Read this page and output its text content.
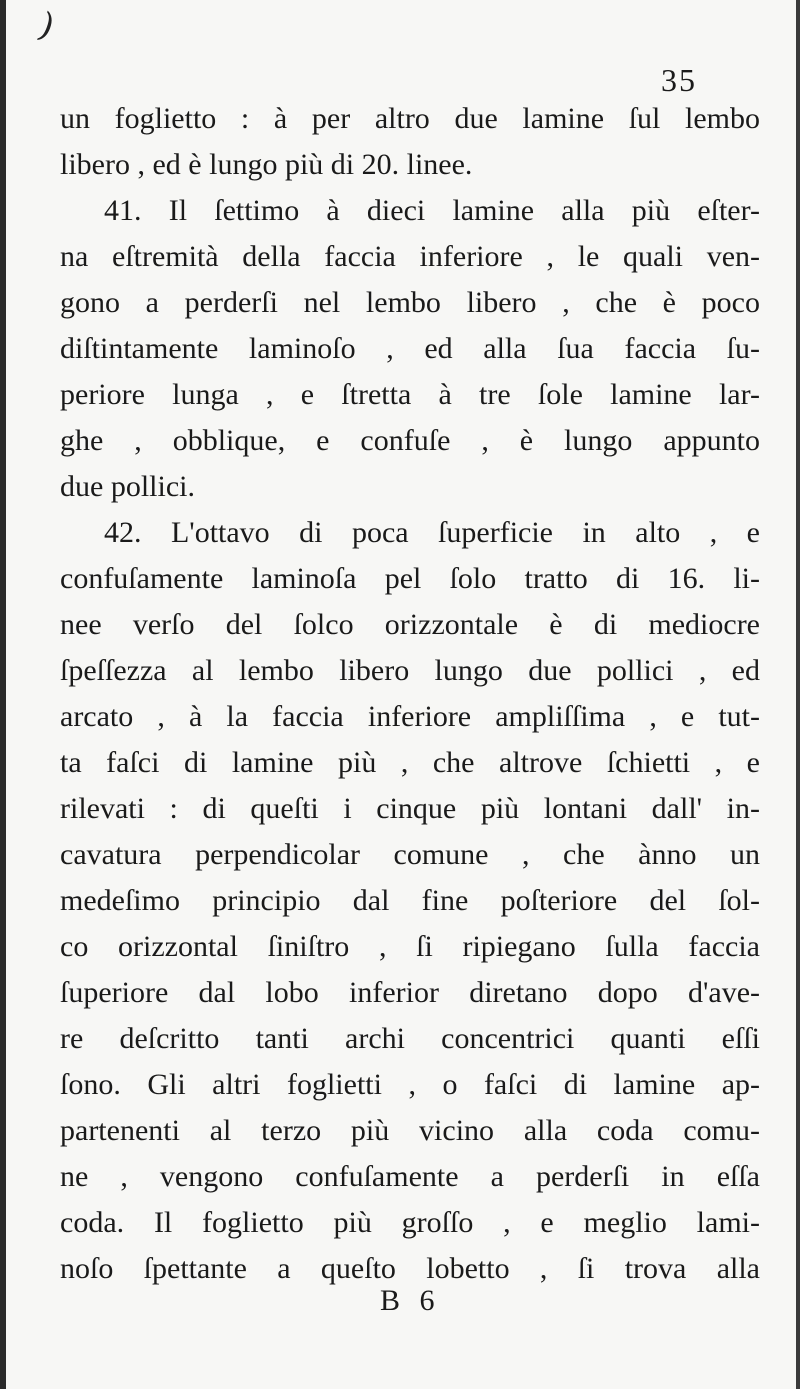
)
35
un foglietto : à per altro due lamine ſul lembo
libero , ed è lungo più di 20. linee.
41. Il ſettimo à dieci lamine alla più eſter-
na eſtremità della faccia inferiore , le quali ven-
gono a perderſi nel lembo libero , che è poco
diſtintamente laminoſo , ed alla ſua faccia ſu-
periore lunga , e ſtretta à tre ſole lamine lar-
ghe , obblique, e confuſe , è lungo appunto
due pollici.
42. L'ottavo di poca ſuperficie in alto , e
confuſamente laminoſa pel ſolo tratto di 16. li-
nee verſo del ſolco orizzontale è di mediocre
ſpeſſezza al lembo libero lungo due pollici , ed
arcato , à la faccia inferiore ampliſſima , e tut-
ta faſci di lamine più , che altrove ſchietti , e
rilevati : di queſti i cinque più lontani dall' in-
cavatura perpendicolar comune , che ànno un
medeſimo principio dal fine poſteriore del ſol-
co orizzontal ſiniſtro , ſi ripiegano ſulla faccia
ſuperiore dal lobo inferior diretano dopo d'ave-
re deſcritto tanti archi concentrici quanti eſſi
ſono. Gli altri foglietti , o faſci di lamine ap-
partenenti al terzo più vicino alla coda comu-
ne , vengono confuſamente a perderſi in eſſa
coda. Il foglietto più groſſo , e meglio lami-
noſo ſpettante a queſto lobetto , ſi trova alla
B 6
